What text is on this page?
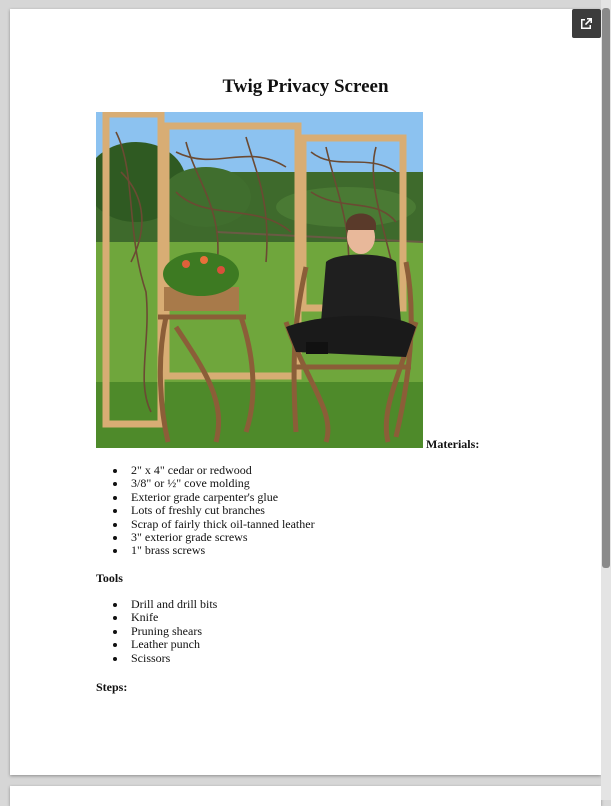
Twig Privacy Screen
Materials:
2" x 4" cedar or redwood
3/8" or ½" cove molding
Exterior grade carpenter's glue
Lots of freshly cut branches
Scrap of fairly thick oil-tanned leather
3" exterior grade screws
1" brass screws
Tools
Drill and drill bits
Knife
Pruning shears
Leather punch
Scissors
Steps:
